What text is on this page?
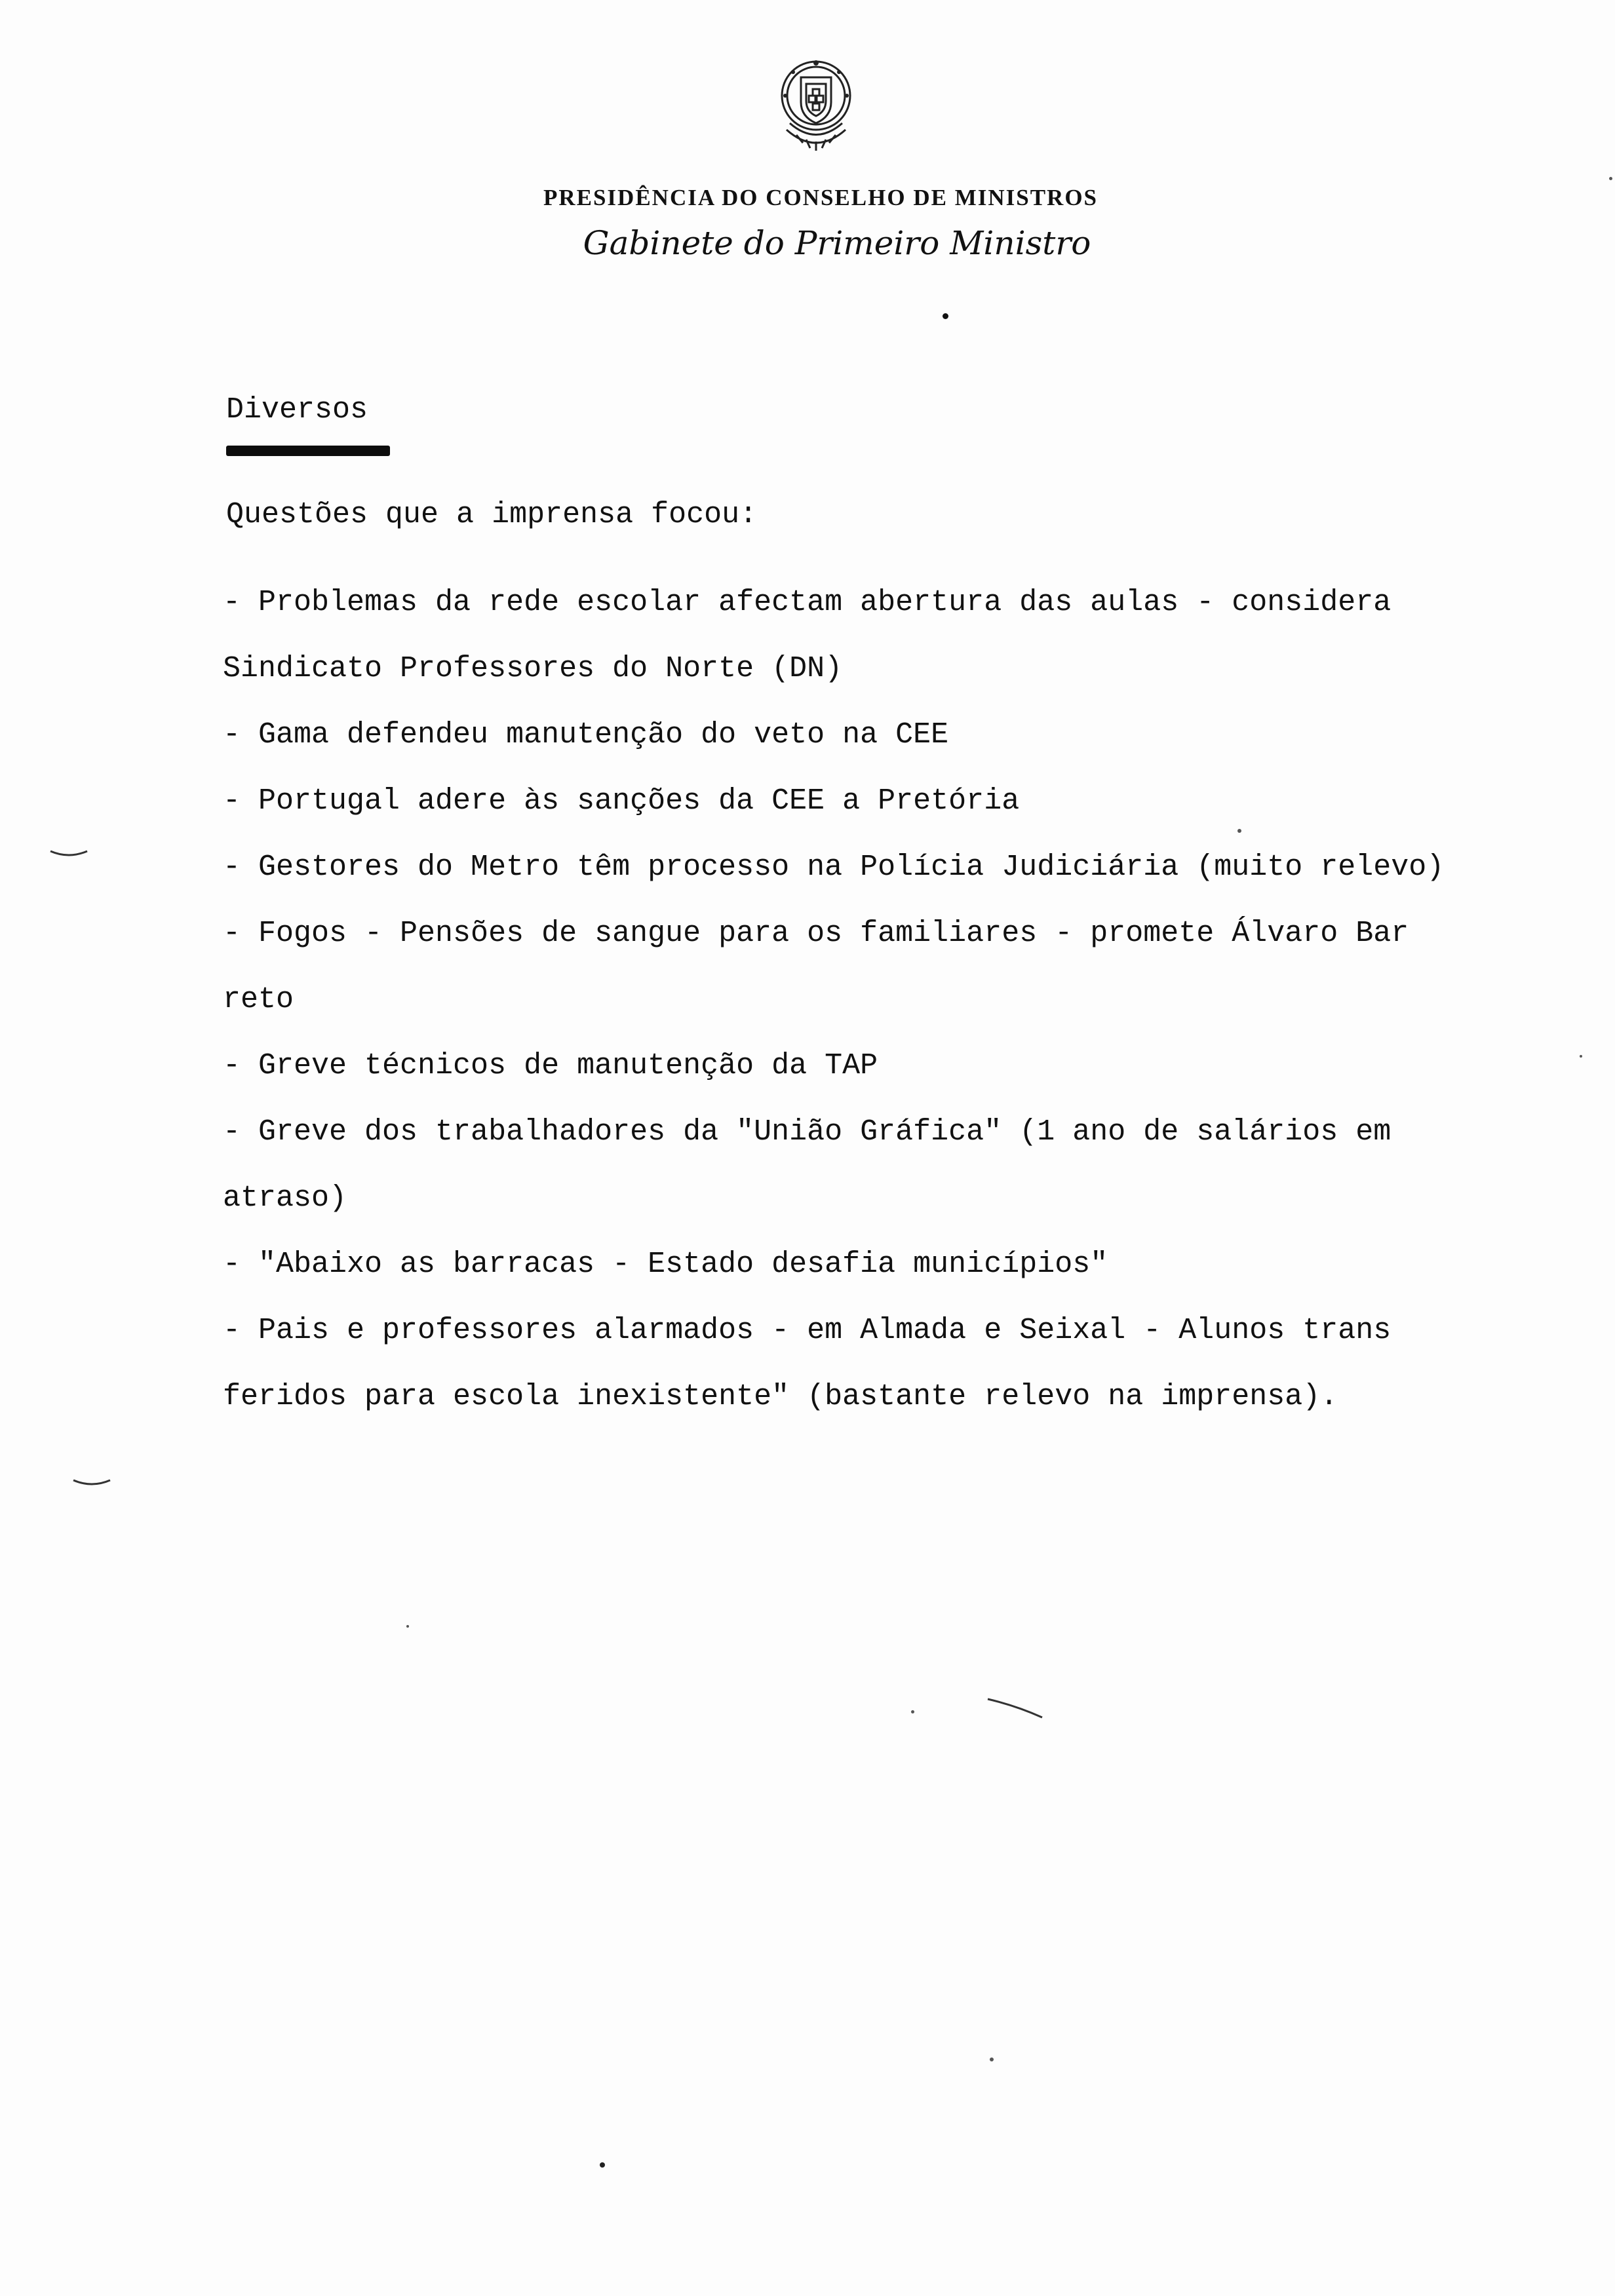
PRESIDÊNCIA DO CONSELHO DE MINISTROS
Gabinete do Primeiro Ministro
Diversos
Questões que a imprensa focou:
- Problemas da rede escolar afectam abertura das aulas - considera
Sindicato Professores do Norte (DN)
- Gama defendeu manutenção do veto na CEE
- Portugal adere às sanções da CEE a Pretória
- Gestores do Metro têm processo na Polícia Judiciária (muito relevo)
- Fogos - Pensões de sangue para os familiares - promete Álvaro Bar
reto
- Greve técnicos de manutenção da TAP
- Greve dos trabalhadores da "União Gráfica" (1 ano de salários em
atraso)
- "Abaixo as barracas - Estado desafia municípios"
- Pais e professores alarmados - em Almada e Seixal - Alunos trans
feridos para escola inexistente" (bastante relevo na imprensa).
